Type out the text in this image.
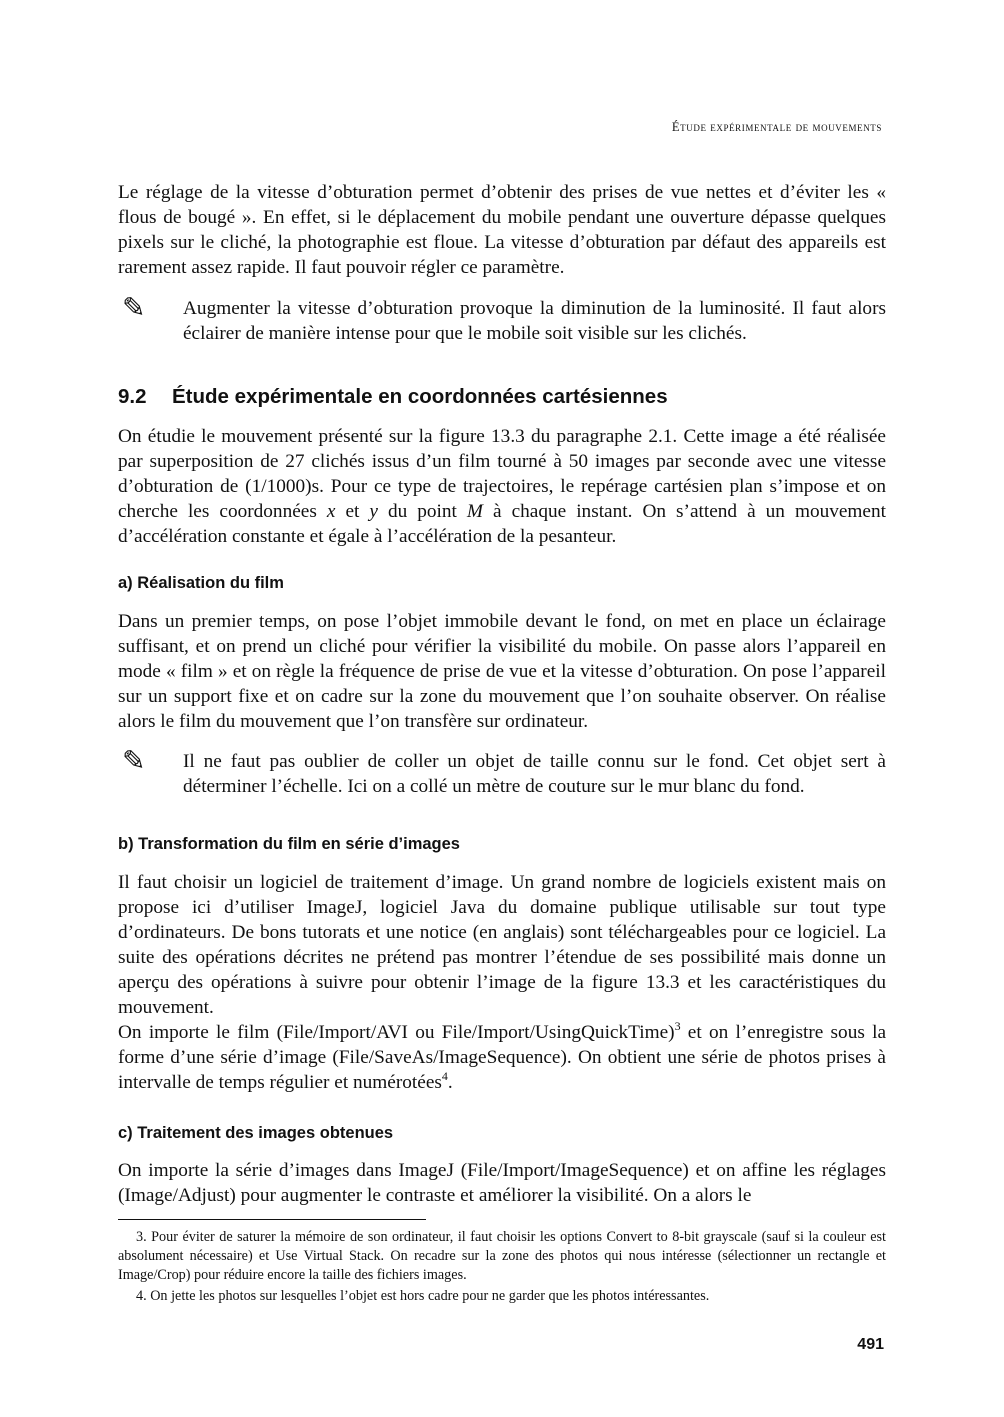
Étude expérimentale de mouvements

Le réglage de la vitesse d’obturation permet d’obtenir des prises de vue nettes et d’éviter les « flous de bougé ». En effet, si le déplacement du mobile pendant une ouverture dépasse quelques pixels sur le cliché, la photographie est floue. La vitesse d’obturation par défaut des appareils est rarement assez rapide. Il faut pouvoir régler ce paramètre.

✎ Augmenter la vitesse d’obturation provoque la diminution de la luminosité. Il faut alors éclairer de manière intense pour que le mobile soit visible sur les clichés.

9.2 Étude expérimentale en coordonnées cartésiennes

On étudie le mouvement présenté sur la figure 13.3 du paragraphe 2.1. Cette image a été réalisée par superposition de 27 clichés issus d’un film tourné à 50 images par seconde avec une vitesse d’obturation de (1/1000)s. Pour ce type de trajectoires, le repérage cartésien plan s’impose et on cherche les coordonnées x et y du point M à chaque instant. On s’attend à un mouvement d’accélération constante et égale à l’accélération de la pesanteur.

a) Réalisation du film

Dans un premier temps, on pose l’objet immobile devant le fond, on met en place un éclairage suffisant, et on prend un cliché pour vérifier la visibilité du mobile. On passe alors l’appareil en mode « film » et on règle la fréquence de prise de vue et la vitesse d’obturation. On pose l’appareil sur un support fixe et on cadre sur la zone du mouvement que l’on souhaite observer. On réalise alors le film du mouvement que l’on transfère sur ordinateur.

✎ Il ne faut pas oublier de coller un objet de taille connu sur le fond. Cet objet sert à déterminer l’échelle. Ici on a collé un mètre de couture sur le mur blanc du fond.

b) Transformation du film en série d’images

Il faut choisir un logiciel de traitement d’image. Un grand nombre de logiciels existent mais on propose ici d’utiliser ImageJ, logiciel Java du domaine publique utilisable sur tout type d’ordinateurs. De bons tutorats et une notice (en anglais) sont téléchargeables pour ce logiciel. La suite des opérations décrites ne prétend pas montrer l’étendue de ses possibilité mais donne un aperçu des opérations à suivre pour obtenir l’image de la figure 13.3 et les caractéristiques du mouvement.

On importe le film (File/Import/AVI ou File/Import/UsingQuickTime)$^3$ et on l’enregistre sous la forme d’une série d’image (File/SaveAs/ImageSequence). On obtient une série de photos prises à intervalle de temps régulier et numérotées$^4$.

c) Traitement des images obtenues

On importe la série d’images dans ImageJ (File/Import/ImageSequence) et on affine les réglages (Image/Adjust) pour augmenter le contraste et améliorer la visibilité. On a alors le

3. Pour éviter de saturer la mémoire de son ordinateur, il faut choisir les options Convert to 8-bit grayscale (sauf si la couleur est absolument nécessaire) et Use Virtual Stack. On recadre sur la zone des photos qui nous intéresse (sélectionner un rectangle et Image/Crop) pour réduire encore la taille des fichiers images.

4. On jette les photos sur lesquelles l’objet est hors cadre pour ne garder que les photos intéressantes.

491
